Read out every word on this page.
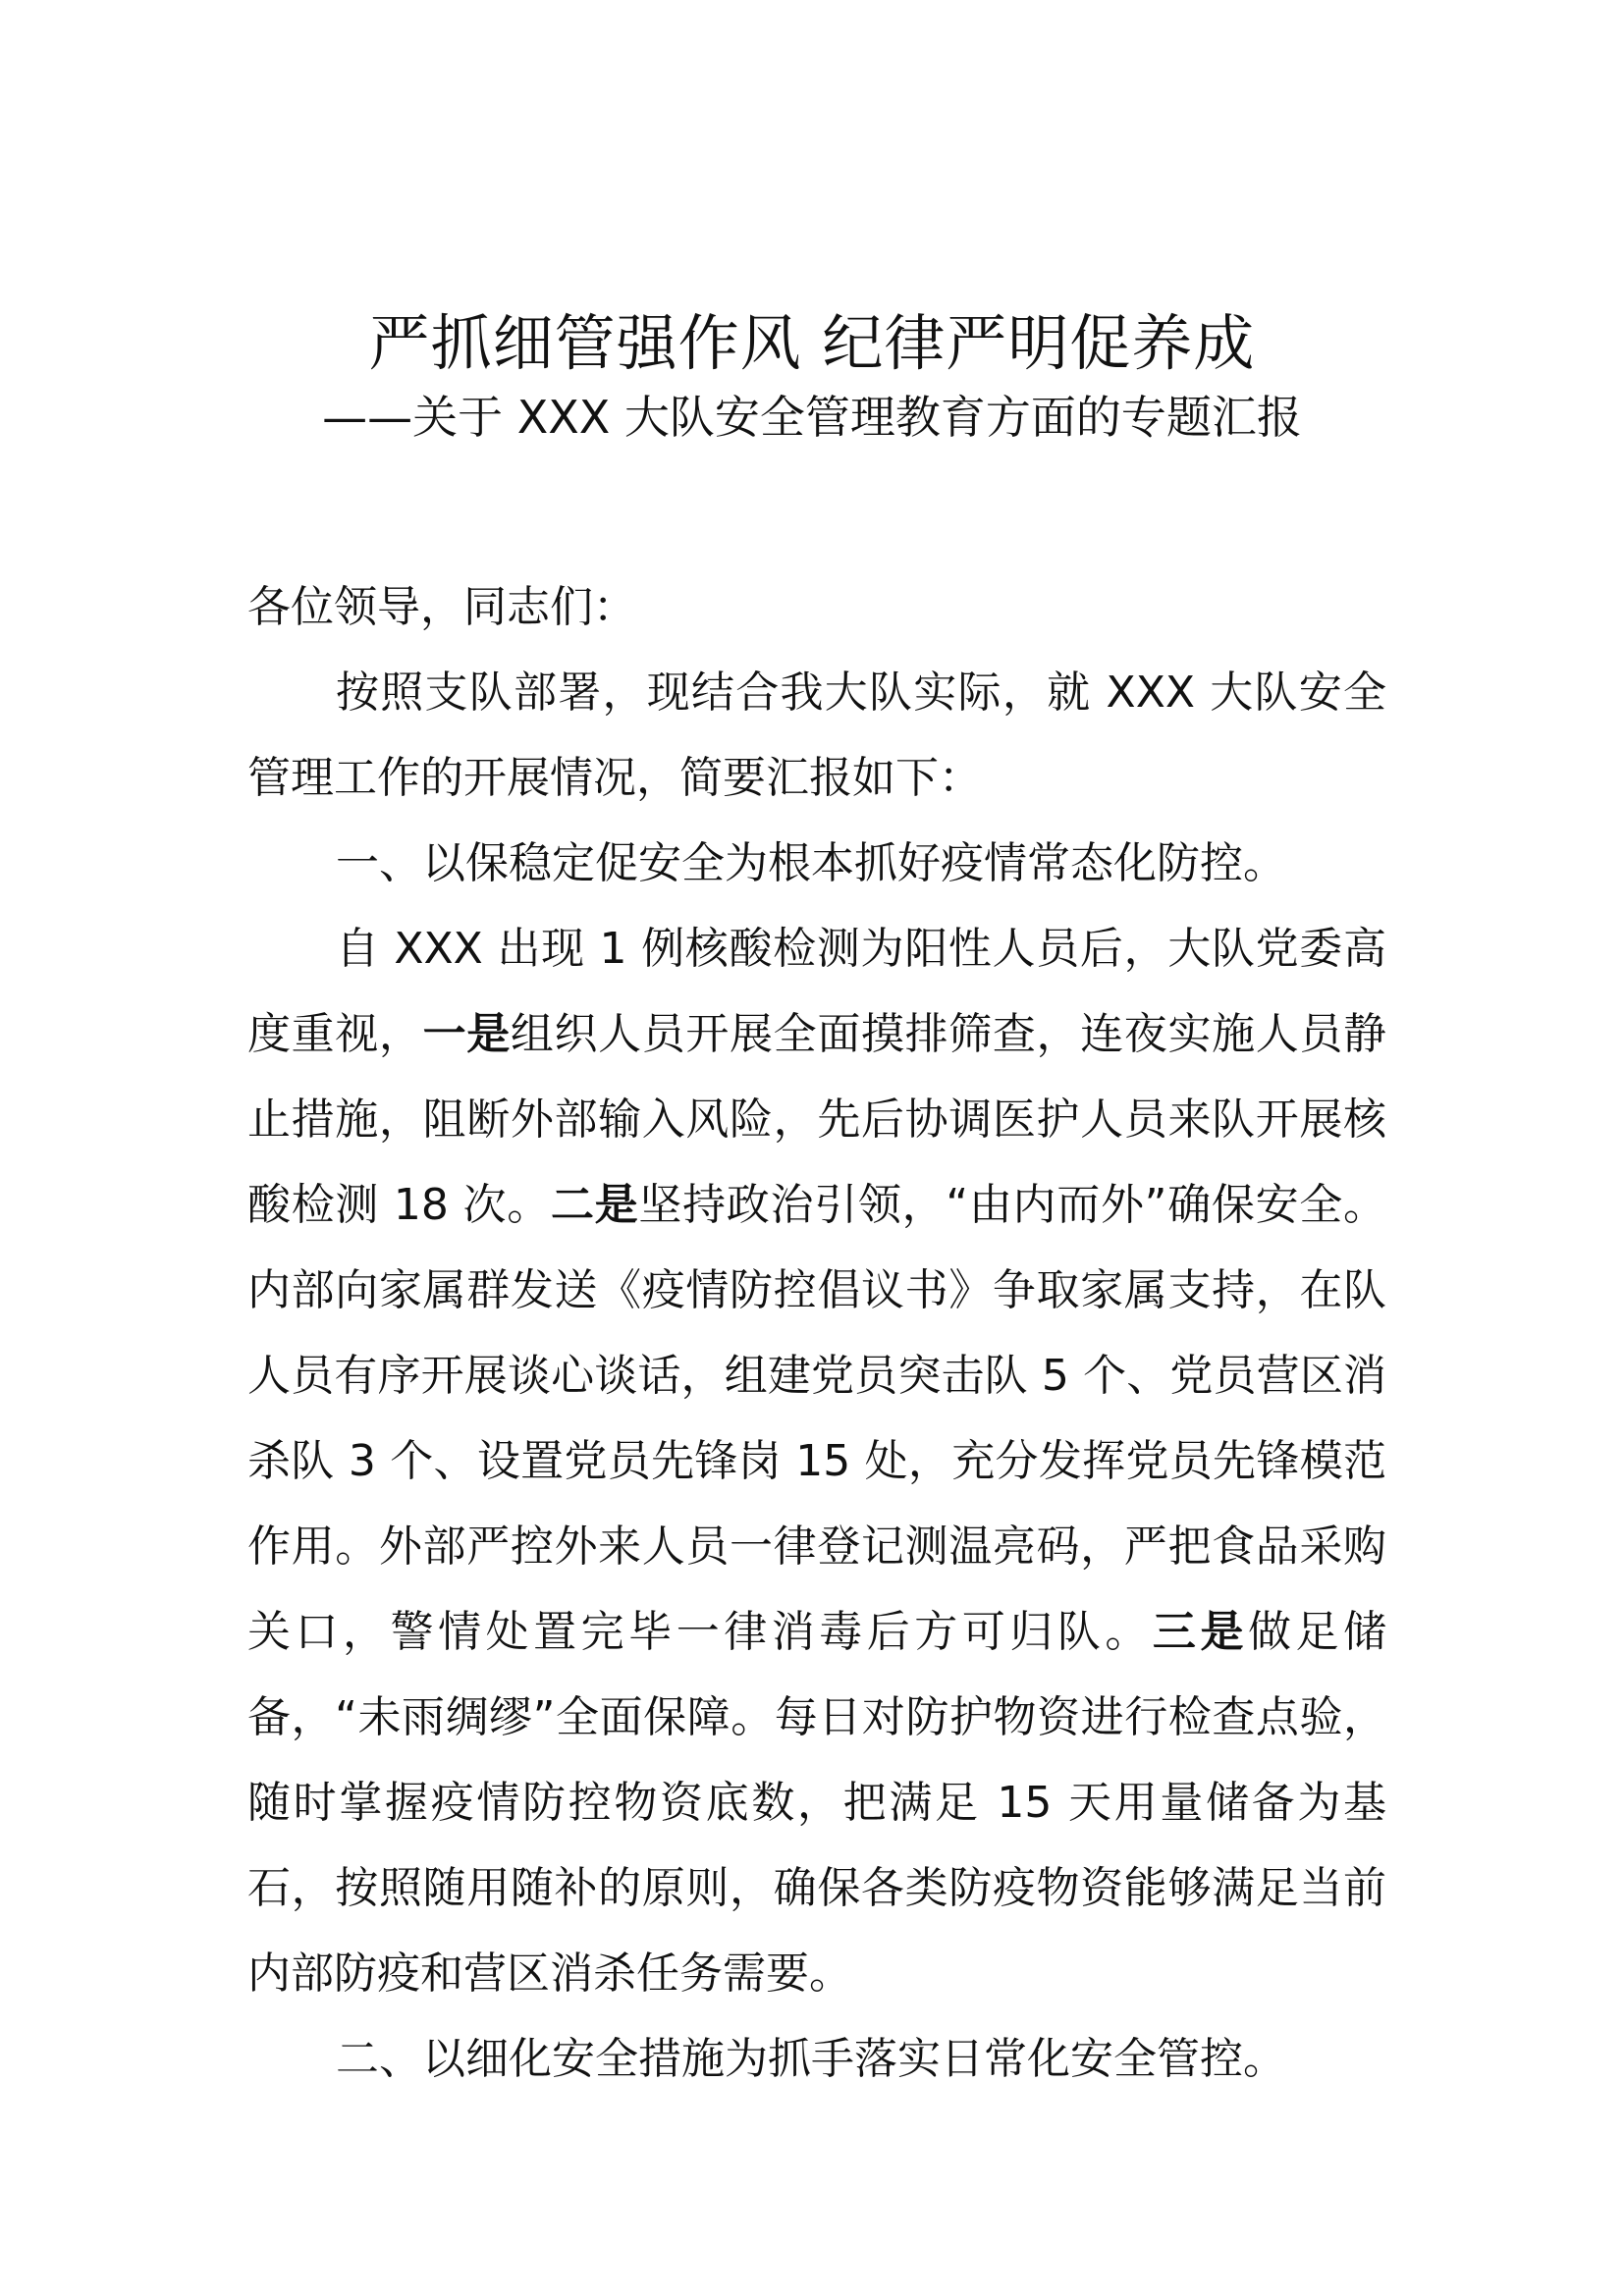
严抓细管强作风 纪律严明促养成
——关于 XXX 大队安全管理教育方面的专题汇报

各位领导，同志们：

按照支队部署，现结合我大队实际，就 XXX 大队安全管理工作的开展情况，简要汇报如下：

一、以保稳定促安全为根本抓好疫情常态化防控。

自 XXX 出现 1 例核酸检测为阳性人员后，大队党委高度重视，一是组织人员开展全面摸排筛查，连夜实施人员静止措施，阻断外部输入风险，先后协调医护人员来队开展核酸检测 18 次。二是坚持政治引领，“由内而外”确保安全。内部向家属群发送《疫情防控倡议书》争取家属支持，在队人员有序开展谈心谈话，组建党员突击队 5 个、党员营区消杀队 3 个、设置党员先锋岗 15 处，充分发挥党员先锋模范作用。外部严控外来人员一律登记测温亮码，严把食品采购关口，警情处置完毕一律消毒后方可归队。三是做足储备，“未雨绸缪”全面保障。每日对防护物资进行检查点验，随时掌握疫情防控物资底数，把满足 15 天用量储备为基石，按照随用随补的原则，确保各类防疫物资能够满足当前内部防疫和营区消杀任务需要。

二、以细化安全措施为抓手落实日常化安全管控。
